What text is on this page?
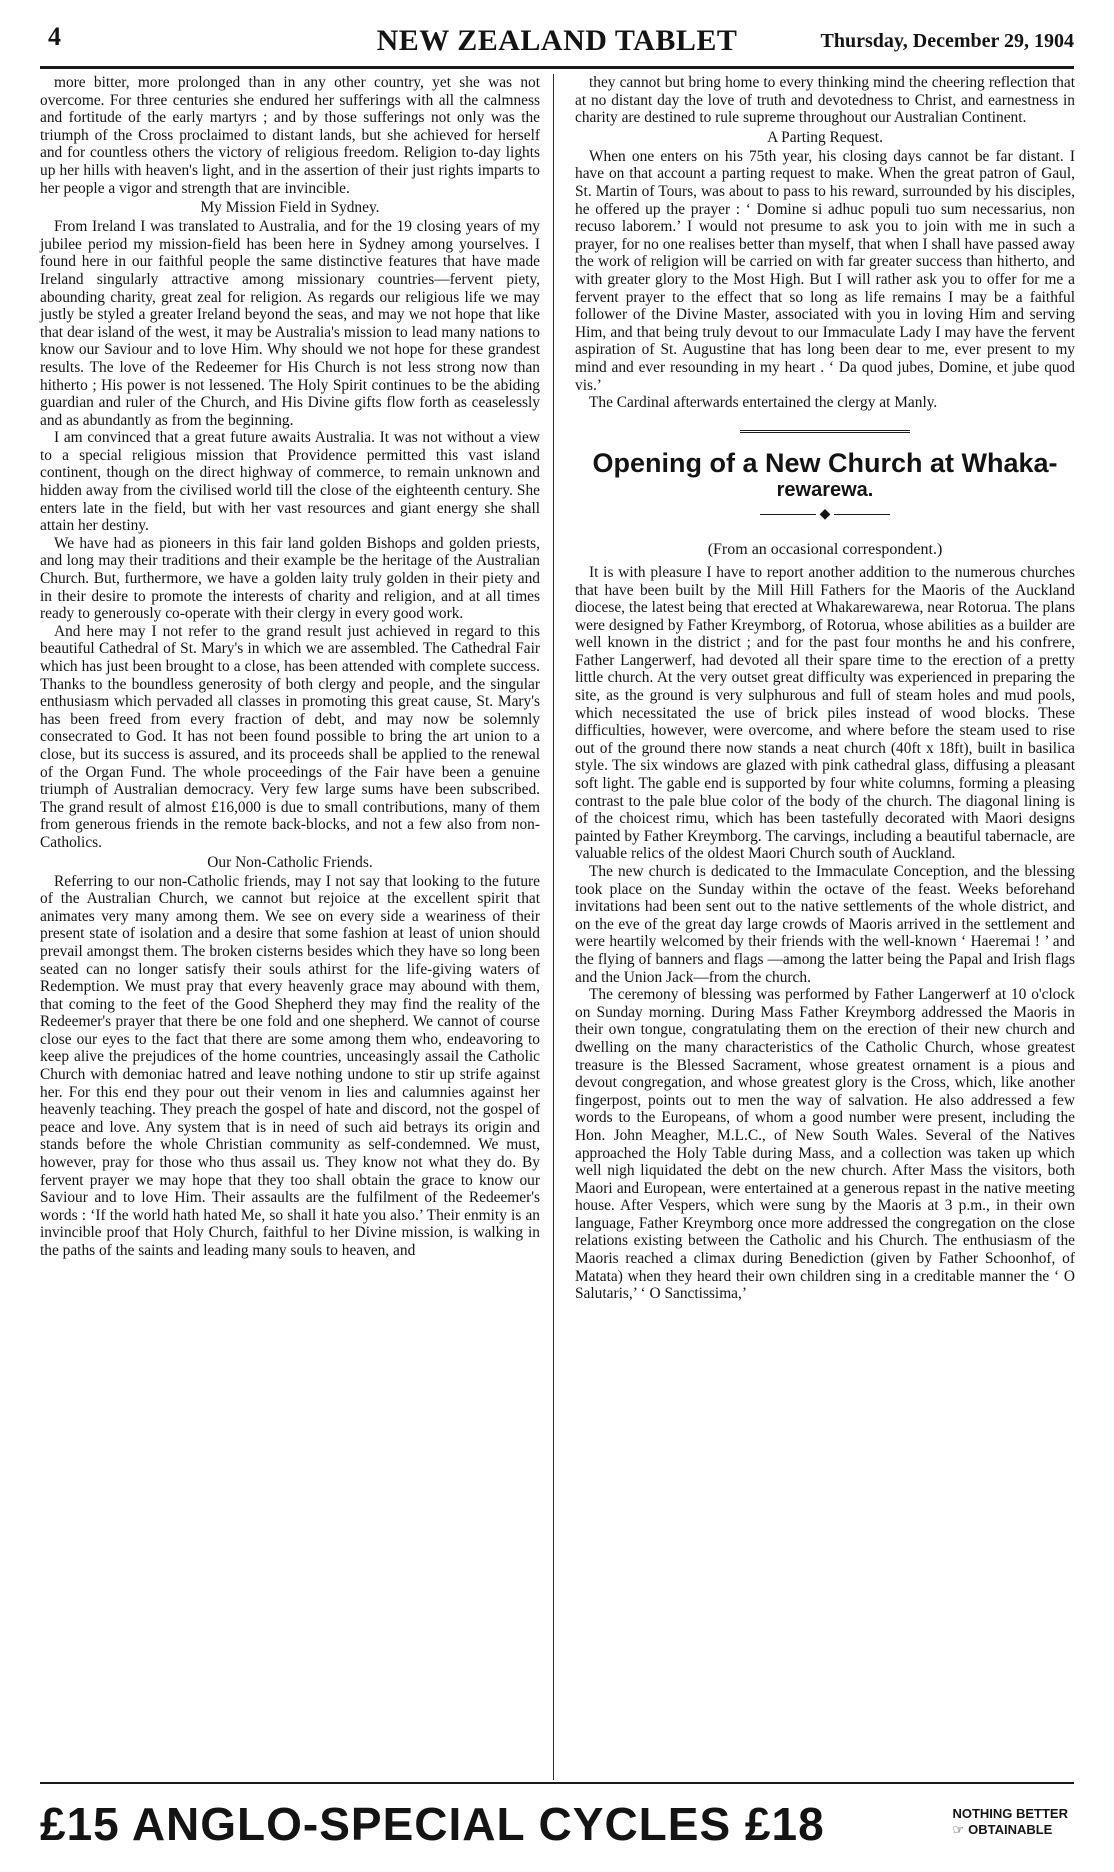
4	NEW ZEALAND TABLET	Thursday, December 29, 1904

more bitter, more prolonged than in any other country, yet she was not overcome. For three centuries she endured her sufferings with all the calmness and fortitude of the early martyrs ; and by those sufferings not only was the triumph of the Cross proclaimed to distant lands, but she achieved for herself and for countless others the victory of religious freedom. Religion to-day lights up her hills with heaven's light, and in the assertion of their just rights imparts to her people a vigor and strength that are invincible.

My Mission Field in Sydney.

From Ireland I was translated to Australia, and for the 19 closing years of my jubilee period my mission-field has been here in Sydney among yourselves. I found here in our faithful people the same distinctive features that have made Ireland singularly attractive among missionary countries—fervent piety, abounding charity, great zeal for religion. As regards our religious life we may justly be styled a greater Ireland beyond the seas, and may we not hope that like that dear island of the west, it may be Australia's mission to lead many nations to know our Saviour and to love Him. Why should we not hope for these grandest results. The love of the Redeemer for His Church is not less strong now than hitherto ; His power is not lessened. The Holy Spirit continues to be the abiding guardian and ruler of the Church, and His Divine gifts flow forth as ceaselessly and as abundantly as from the beginning.

I am convinced that a great future awaits Australia. It was not without a view to a special religious mission that Providence permitted this vast island continent, though on the direct highway of commerce, to remain unknown and hidden away from the civilised world till the close of the eighteenth century. She enters late in the field, but with her vast resources and giant energy she shall attain her destiny.

We have had as pioneers in this fair land golden Bishops and golden priests, and long may their traditions and their example be the heritage of the Australian Church. But, furthermore, we have a golden laity truly golden in their piety and in their desire to promote the interests of charity and religion, and at all times ready to generously co-operate with their clergy in every good work.

And here may I not refer to the grand result just achieved in regard to this beautiful Cathedral of St. Mary's in which we are assembled. The Cathedral Fair which has just been brought to a close, has been attended with complete success. Thanks to the boundless generosity of both clergy and people, and the singular enthusiasm which pervaded all classes in promoting this great cause, St. Mary's has been freed from every fraction of debt, and may now be solemnly consecrated to God. It has not been found possible to bring the art union to a close, but its success is assured, and its proceeds shall be applied to the renewal of the Organ Fund. The whole proceedings of the Fair have been a genuine triumph of Australian democracy. Very few large sums have been subscribed. The grand result of almost £16,000 is due to small contributions, many of them from generous friends in the remote back-blocks, and not a few also from non-Catholics.

Our Non-Catholic Friends.

Referring to our non-Catholic friends, may I not say that looking to the future of the Australian Church, we cannot but rejoice at the excellent spirit that animates very many among them. We see on every side a weariness of their present state of isolation and a desire that some fashion at least of union should prevail amongst them. The broken cisterns besides which they have so long been seated can no longer satisfy their souls athirst for the life-giving waters of Redemption. We must pray that every heavenly grace may abound with them, that coming to the feet of the Good Shepherd they may find the reality of the Redeemer's prayer that there be one fold and one shepherd. We cannot of course close our eyes to the fact that there are some among them who, endeavoring to keep alive the prejudices of the home countries, unceasingly assail the Catholic Church with demoniac hatred and leave nothing undone to stir up strife against her. For this end they pour out their venom in lies and calumnies against her heavenly teaching. They preach the gospel of hate and discord, not the gospel of peace and love. Any system that is in need of such aid betrays its origin and stands before the whole Christian community as self-condemned. We must, however, pray for those who thus assail us. They know not what they do. By fervent prayer we may hope that they too shall obtain the grace to know our Saviour and to love Him. Their assaults are the fulfilment of the Redeemer's words : ‘If the world hath hated Me, so shall it hate you also.’ Their enmity is an invincible proof that Holy Church, faithful to her Divine mission, is walking in the paths of the saints and leading many souls to heaven, and

they cannot but bring home to every thinking mind the cheering reflection that at no distant day the love of truth and devotedness to Christ, and earnestness in charity are destined to rule supreme throughout our Australian Continent.

A Parting Request.

When one enters on his 75th year, his closing days cannot be far distant. I have on that account a parting request to make. When the great patron of Gaul, St. Martin of Tours, was about to pass to his reward, surrounded by his disciples, he offered up the prayer : ‘ Domine si adhuc populi tuo sum necessarius, non recuso laborem.’ I would not presume to ask you to join with me in such a prayer, for no one realises better than myself, that when I shall have passed away the work of religion will be carried on with far greater success than hitherto, and with greater glory to the Most High. But I will rather ask you to offer for me a fervent prayer to the effect that so long as life remains I may be a faithful follower of the Divine Master, associated with you in loving Him and serving Him, and that being truly devout to our Immaculate Lady I may have the fervent aspiration of St. Augustine that has long been dear to me, ever present to my mind and ever resounding in my heart . ‘ Da quod jubes, Domine, et jube quod vis.’

The Cardinal afterwards entertained the clergy at Manly.

Opening of a New Church at Whaka-
rewarewa.
◆
(From an occasional correspondent.)

It is with pleasure I have to report another addition to the numerous churches that have been built by the Mill Hill Fathers for the Maoris of the Auckland diocese, the latest being that erected at Whakarewarewa, near Rotorua. The plans were designed by Father Kreymborg, of Rotorua, whose abilities as a builder are well known in the district ; and for the past four months he and his confrere, Father Langerwerf, had devoted all their spare time to the erection of a pretty little church. At the very outset great difficulty was experienced in preparing the site, as the ground is very sulphurous and full of steam holes and mud pools, which necessitated the use of brick piles instead of wood blocks. These difficulties, however, were overcome, and where before the steam used to rise out of the ground there now stands a neat church (40ft x 18ft), built in basilica style. The six windows are glazed with pink cathedral glass, diffusing a pleasant soft light. The gable end is supported by four white columns, forming a pleasing contrast to the pale blue color of the body of the church. The diagonal lining is of the choicest rimu, which has been tastefully decorated with Maori designs painted by Father Kreymborg. The carvings, including a beautiful tabernacle, are valuable relics of the oldest Maori Church south of Auckland.

The new church is dedicated to the Immaculate Conception, and the blessing took place on the Sunday within the octave of the feast. Weeks beforehand invitations had been sent out to the native settlements of the whole district, and on the eve of the great day large crowds of Maoris arrived in the settlement and were heartily welcomed by their friends with the well-known ‘ Haeremai ! ’ and the flying of banners and flags —among the latter being the Papal and Irish flags and the Union Jack—from the church.

The ceremony of blessing was performed by Father Langerwerf at 10 o'clock on Sunday morning. During Mass Father Kreymborg addressed the Maoris in their own tongue, congratulating them on the erection of their new church and dwelling on the many characteristics of the Catholic Church, whose greatest treasure is the Blessed Sacrament, whose greatest ornament is a pious and devout congregation, and whose greatest glory is the Cross, which, like another fingerpost, points out to men the way of salvation. He also addressed a few words to the Europeans, of whom a good number were present, including the Hon. John Meagher, M.L.C., of New South Wales. Several of the Natives approached the Holy Table during Mass, and a collection was taken up which well nigh liquidated the debt on the new church. After Mass the visitors, both Maori and European, were entertained at a generous repast in the native meeting house. After Vespers, which were sung by the Maoris at 3 p.m., in their own language, Father Kreymborg once more addressed the congregation on the close relations existing between the Catholic and his Church. The enthusiasm of the Maoris reached a climax during Benediction (given by Father Schoonhof, of Matata) when they heard their own children sing in a creditable manner the ‘ O Salutaris,’ ‘ O Sanctissima,’

£15 ANGLO-SPECIAL CYCLES £18	NOTHING BETTER
☞ OBTAINABLE
